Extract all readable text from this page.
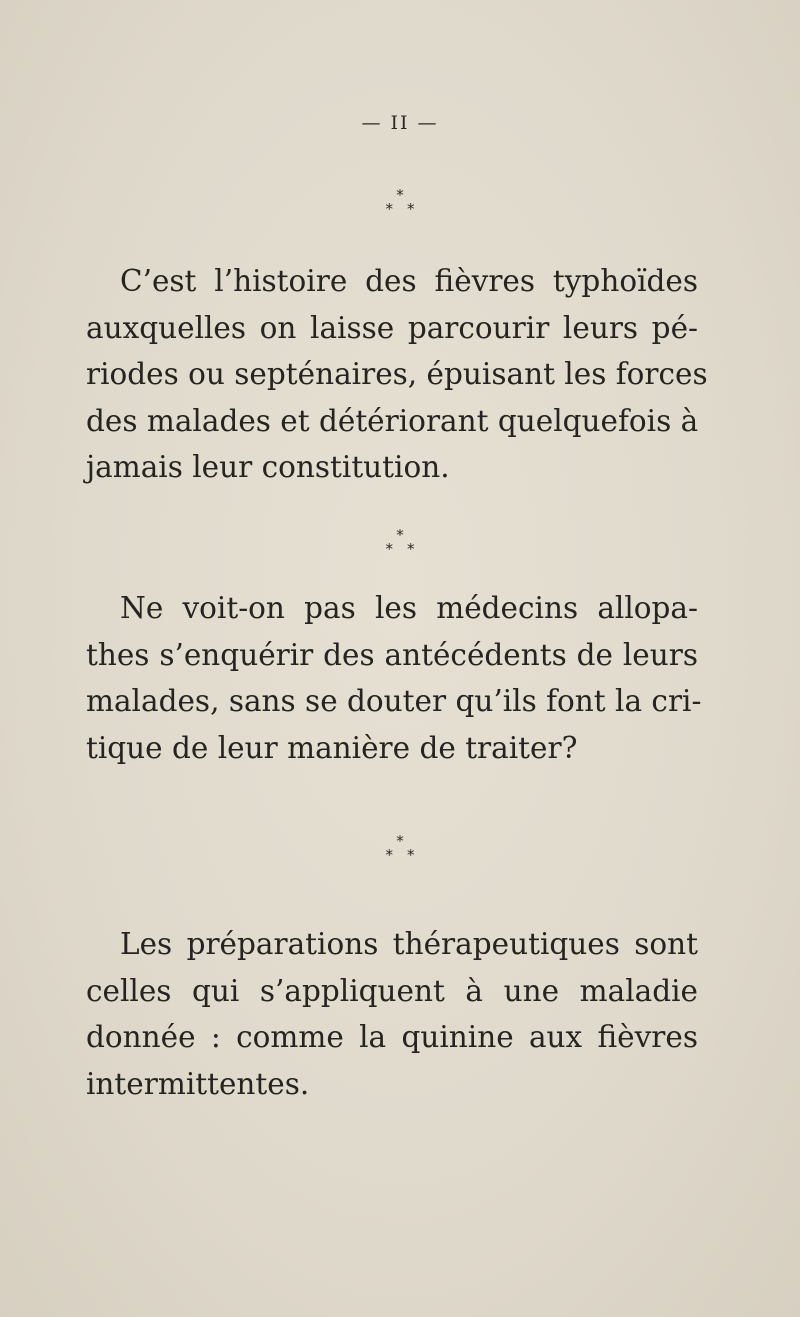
— II —
*
**
C’est l’histoire des fièvres typhoïdes
auxquelles on laisse parcourir leurs pé-
riodes ou septénaires, épuisant les forces
des malades et détériorant quelquefois à
jamais leur constitution.
*
**
Ne voit-on pas les médecins allopa-
thes s’enquérir des antécédents de leurs
malades, sans se douter qu’ils font la cri-
tique de leur manière de traiter?
*
**
Les préparations thérapeutiques sont
celles qui s’appliquent à une maladie
donnée : comme la quinine aux fièvres
intermittentes.
